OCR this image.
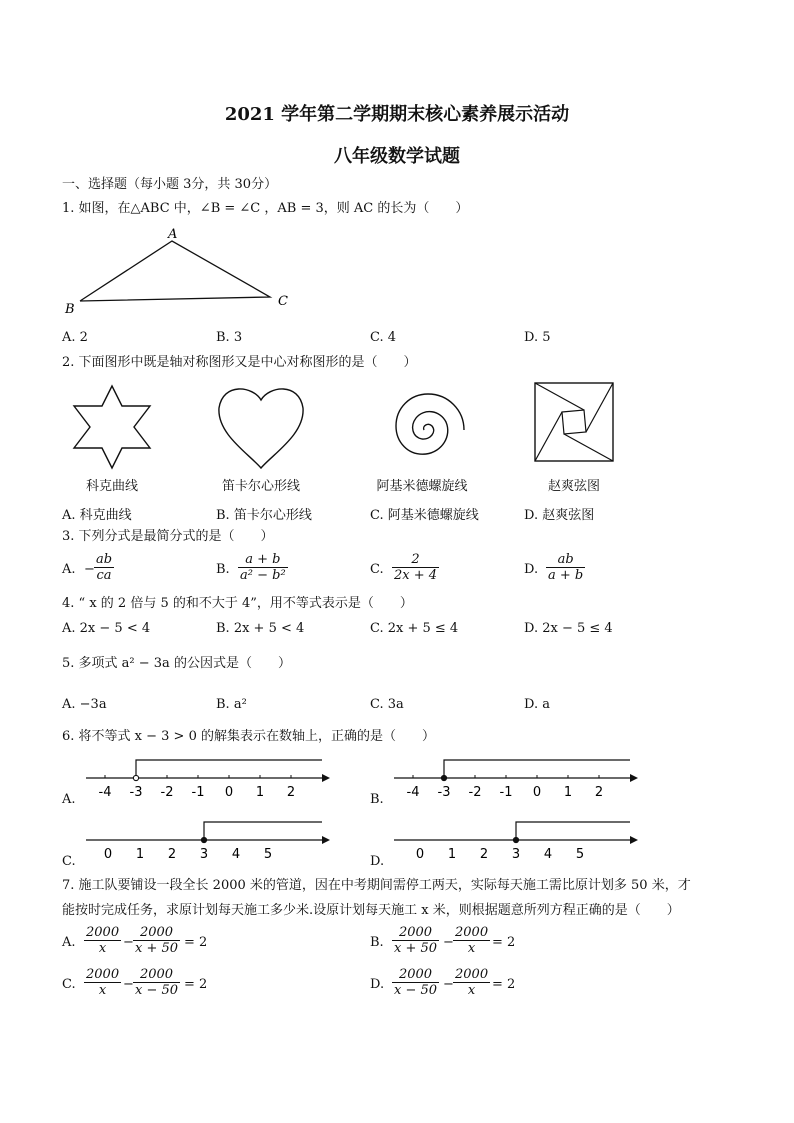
2021 学年第二学期期末核心素养展示活动
八年级数学试题
一、选择题（每小题 3分，共 30分）
1. 如图，在△ABC 中，∠B = ∠C ，AB = 3，则 AC 的长为（　　）
A
B
C
A. 2	B. 3	C. 4	D. 5
2. 下面图形中既是轴对称图形又是中心对称图形的是（　　）
科克曲线	笛卡尔心形线	阿基米德螺旋线	赵爽弦图
A. 科克曲线	B. 笛卡尔心形线	C. 阿基米德螺旋线	D. 赵爽弦图
3. 下列分式是最简分式的是（　　）
A. − $\frac{ab}{ca}$	B. $\frac{a + b}{\text{a² − b²}}$	C. $\frac{2}{2x + 4}$	D. $\frac{ab}{a + b}$
4. “ x 的 2 倍与 5 的和不大于 4”，用不等式表示是（　　）
A. 2x − 5 < 4	B. 2x + 5 < 4	C. 2x + 5 ≤ 4	D. 2x − 5 ≤ 4
5. 多项式 a² − 3a 的公因式是（　　）
A. −3a	B. a²	C. 3a	D. a
6. 将不等式 x − 3 > 0 的解集表示在数轴上，正确的是（　　）
A. -4 -3 -2 -1 0 1 2	B. -4 -3 -2 -1 0 1 2
C. 0 1 2 3 4 5	D. 0 1 2 3 4 5
7. 施工队要铺设一段全长 2000 米的管道，因在中考期间需停工两天，实际每天施工需比原计划多 50 米，才
能按时完成任务，求原计划每天施工多少米.设原计划每天施工 x 米，则根据题意所列方程正确的是（　　）
A. $\frac{2000}{x} - \frac{2000}{x + 50} = 2$	B. $\frac{2000}{x + 50} - \frac{2000}{x} = 2$
C. $\frac{2000}{x} - \frac{2000}{x - 50} = 2$	D. $\frac{2000}{x - 50} - \frac{2000}{x} = 2$
